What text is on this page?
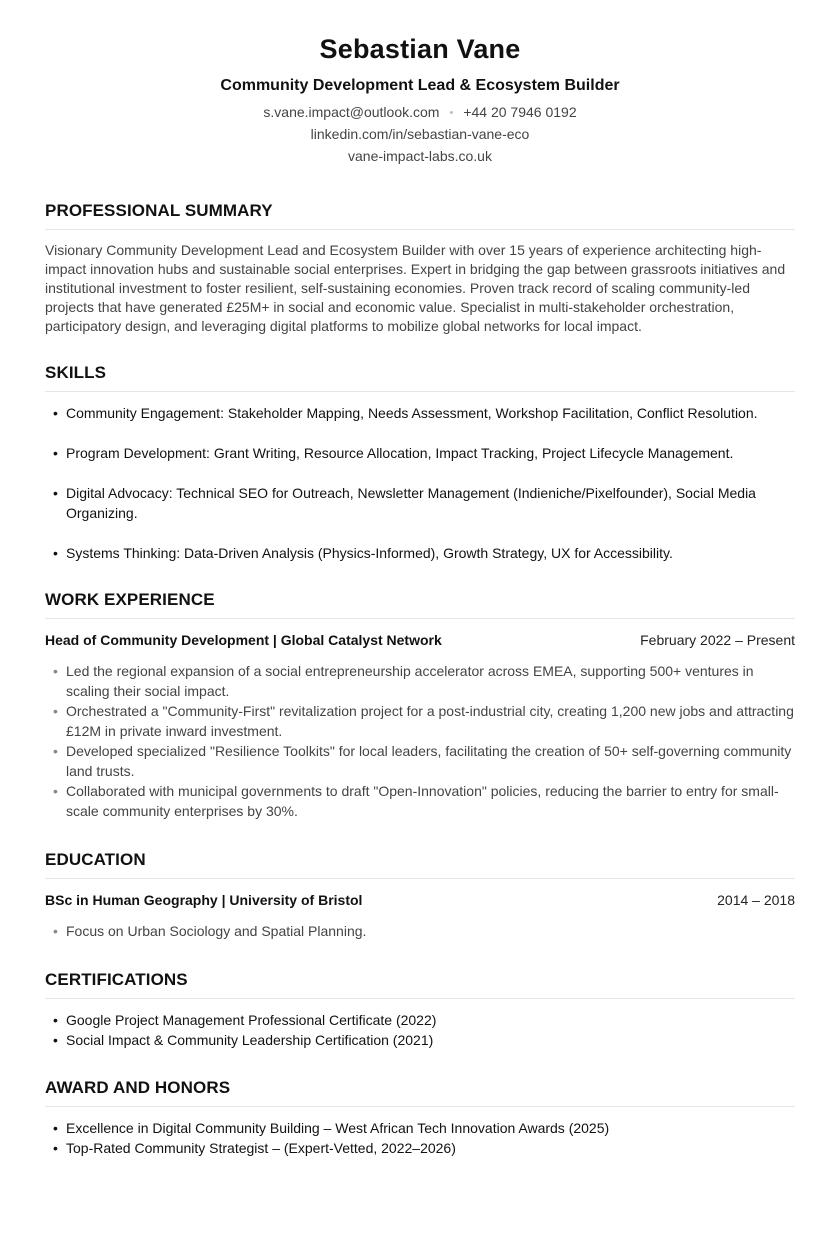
Sebastian Vane
Community Development Lead & Ecosystem Builder
s.vane.impact@outlook.com • +44 20 7946 0192
linkedin.com/in/sebastian-vane-eco
vane-impact-labs.co.uk
PROFESSIONAL SUMMARY
Visionary Community Development Lead and Ecosystem Builder with over 15 years of experience architecting high-impact innovation hubs and sustainable social enterprises. Expert in bridging the gap between grassroots initiatives and institutional investment to foster resilient, self-sustaining economies. Proven track record of scaling community-led projects that have generated £25M+ in social and economic value. Specialist in multi-stakeholder orchestration, participatory design, and leveraging digital platforms to mobilize global networks for local impact.
SKILLS
• Community Engagement: Stakeholder Mapping, Needs Assessment, Workshop Facilitation, Conflict Resolution.
• Program Development: Grant Writing, Resource Allocation, Impact Tracking, Project Lifecycle Management.
• Digital Advocacy: Technical SEO for Outreach, Newsletter Management (Indieniche/Pixelfounder), Social Media Organizing.
• Systems Thinking: Data-Driven Analysis (Physics-Informed), Growth Strategy, UX for Accessibility.
WORK EXPERIENCE
Head of Community Development | Global Catalyst Network	February 2022 – Present
• Led the regional expansion of a social entrepreneurship accelerator across EMEA, supporting 500+ ventures in scaling their social impact.
• Orchestrated a "Community-First" revitalization project for a post-industrial city, creating 1,200 new jobs and attracting £12M in private inward investment.
• Developed specialized "Resilience Toolkits" for local leaders, facilitating the creation of 50+ self-governing community land trusts.
• Collaborated with municipal governments to draft "Open-Innovation" policies, reducing the barrier to entry for small-scale community enterprises by 30%.
EDUCATION
BSc in Human Geography | University of Bristol	2014 – 2018
• Focus on Urban Sociology and Spatial Planning.
CERTIFICATIONS
• Google Project Management Professional Certificate (2022)
• Social Impact & Community Leadership Certification (2021)
AWARD AND HONORS
• Excellence in Digital Community Building – West African Tech Innovation Awards (2025)
• Top-Rated Community Strategist – (Expert-Vetted, 2022–2026)
